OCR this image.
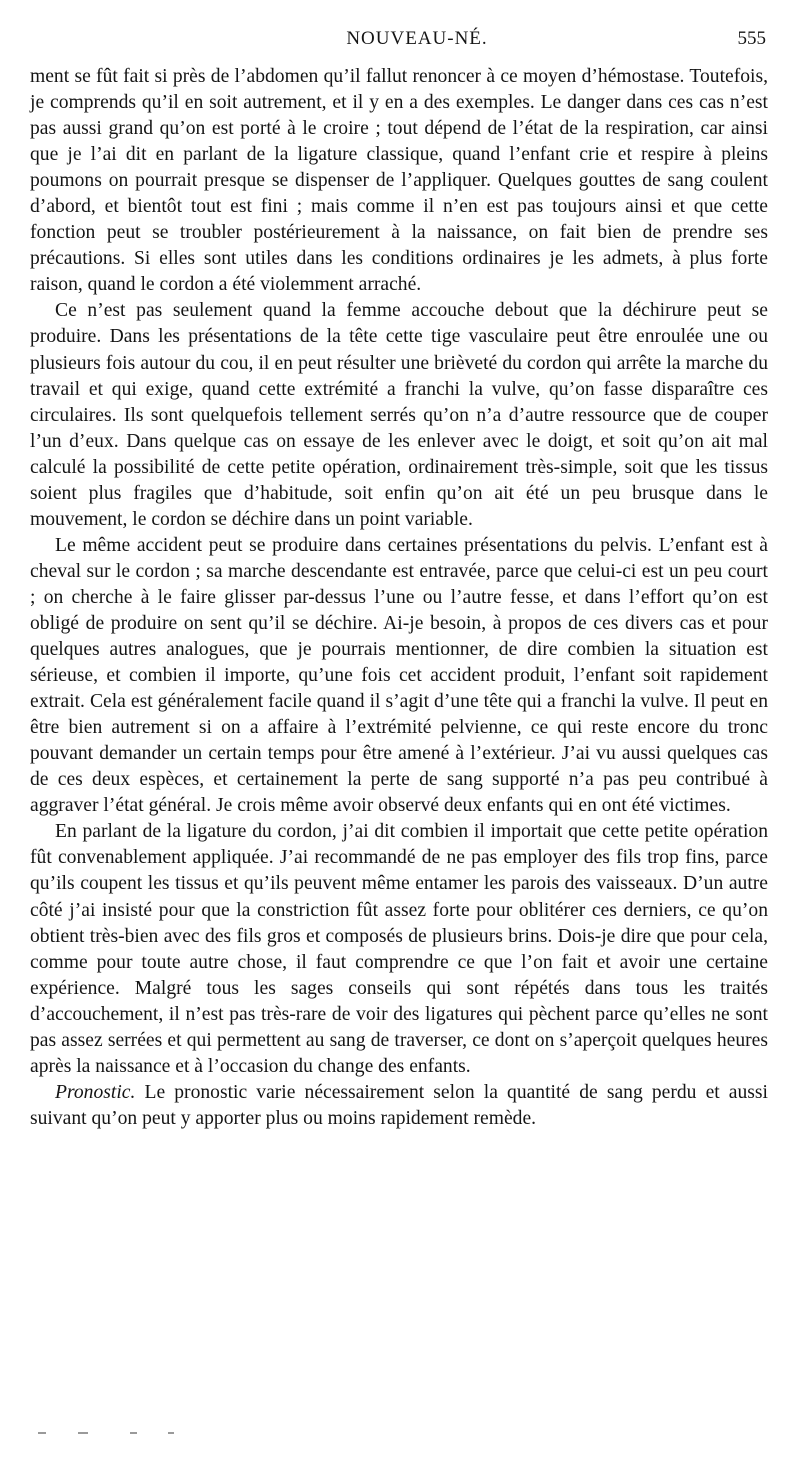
NOUVEAU-NÉ.	555

ment se fût fait si près de l’abdomen qu’il fallut renoncer à ce moyen d’hémostase. Toutefois, je comprends qu’il en soit autrement, et il y en a des exemples. Le danger dans ces cas n’est pas aussi grand qu’on est porté à le croire ; tout dépend de l’état de la respiration, car ainsi que je l’ai dit en parlant de la ligature classique, quand l’enfant crie et respire à pleins poumons on pourrait presque se dispenser de l’appliquer. Quelques gouttes de sang coulent d’abord, et bientôt tout est fini ; mais comme il n’en est pas toujours ainsi et que cette fonction peut se troubler postérieurement à la naissance, on fait bien de prendre ses précautions. Si elles sont utiles dans les conditions ordinaires je les admets, à plus forte raison, quand le cordon a été violemment arraché.

Ce n’est pas seulement quand la femme accouche debout que la déchirure peut se produire. Dans les présentations de la tête cette tige vasculaire peut être enroulée une ou plusieurs fois autour du cou, il en peut résulter une brièveté du cordon qui arrête la marche du travail et qui exige, quand cette extrémité a franchi la vulve, qu’on fasse disparaître ces circulaires. Ils sont quelquefois tellement serrés qu’on n’a d’autre ressource que de couper l’un d’eux. Dans quelque cas on essaye de les enlever avec le doigt, et soit qu’on ait mal calculé la possibilité de cette petite opération, ordinairement très-simple, soit que les tissus soient plus fragiles que d’habitude, soit enfin qu’on ait été un peu brusque dans le mouvement, le cordon se déchire dans un point variable.

Le même accident peut se produire dans certaines présentations du pelvis. L’enfant est à cheval sur le cordon ; sa marche descendante est entravée, parce que celui-ci est un peu court ; on cherche à le faire glisser par-dessus l’une ou l’autre fesse, et dans l’effort qu’on est obligé de produire on sent qu’il se déchire. Ai-je besoin, à propos de ces divers cas et pour quelques autres analogues, que je pourrais mentionner, de dire combien la situation est sérieuse, et combien il importe, qu’une fois cet accident produit, l’enfant soit rapidement extrait. Cela est généralement facile quand il s’agit d’une tête qui a franchi la vulve. Il peut en être bien autrement si on a affaire à l’extrémité pelvienne, ce qui reste encore du tronc pouvant demander un certain temps pour être amené à l’extérieur. J’ai vu aussi quelques cas de ces deux espèces, et certainement la perte de sang supporté n’a pas peu contribué à aggraver l’état général. Je crois même avoir observé deux enfants qui en ont été victimes.

En parlant de la ligature du cordon, j’ai dit combien il importait que cette petite opération fût convenablement appliquée. J’ai recommandé de ne pas employer des fils trop fins, parce qu’ils coupent les tissus et qu’ils peuvent même entamer les parois des vaisseaux. D’un autre côté j’ai insisté pour que la constriction fût assez forte pour oblitérer ces derniers, ce qu’on obtient très-bien avec des fils gros et composés de plusieurs brins. Dois-je dire que pour cela, comme pour toute autre chose, il faut comprendre ce que l’on fait et avoir une certaine expérience. Malgré tous les sages conseils qui sont répétés dans tous les traités d’accouchement, il n’est pas très-rare de voir des ligatures qui pèchent parce qu’elles ne sont pas assez serrées et qui permettent au sang de traverser, ce dont on s’aperçoit quelques heures après la naissance et à l’occasion du change des enfants.

Pronostic. Le pronostic varie nécessairement selon la quantité de sang perdu et aussi suivant qu’on peut y apporter plus ou moins rapidement remède.
